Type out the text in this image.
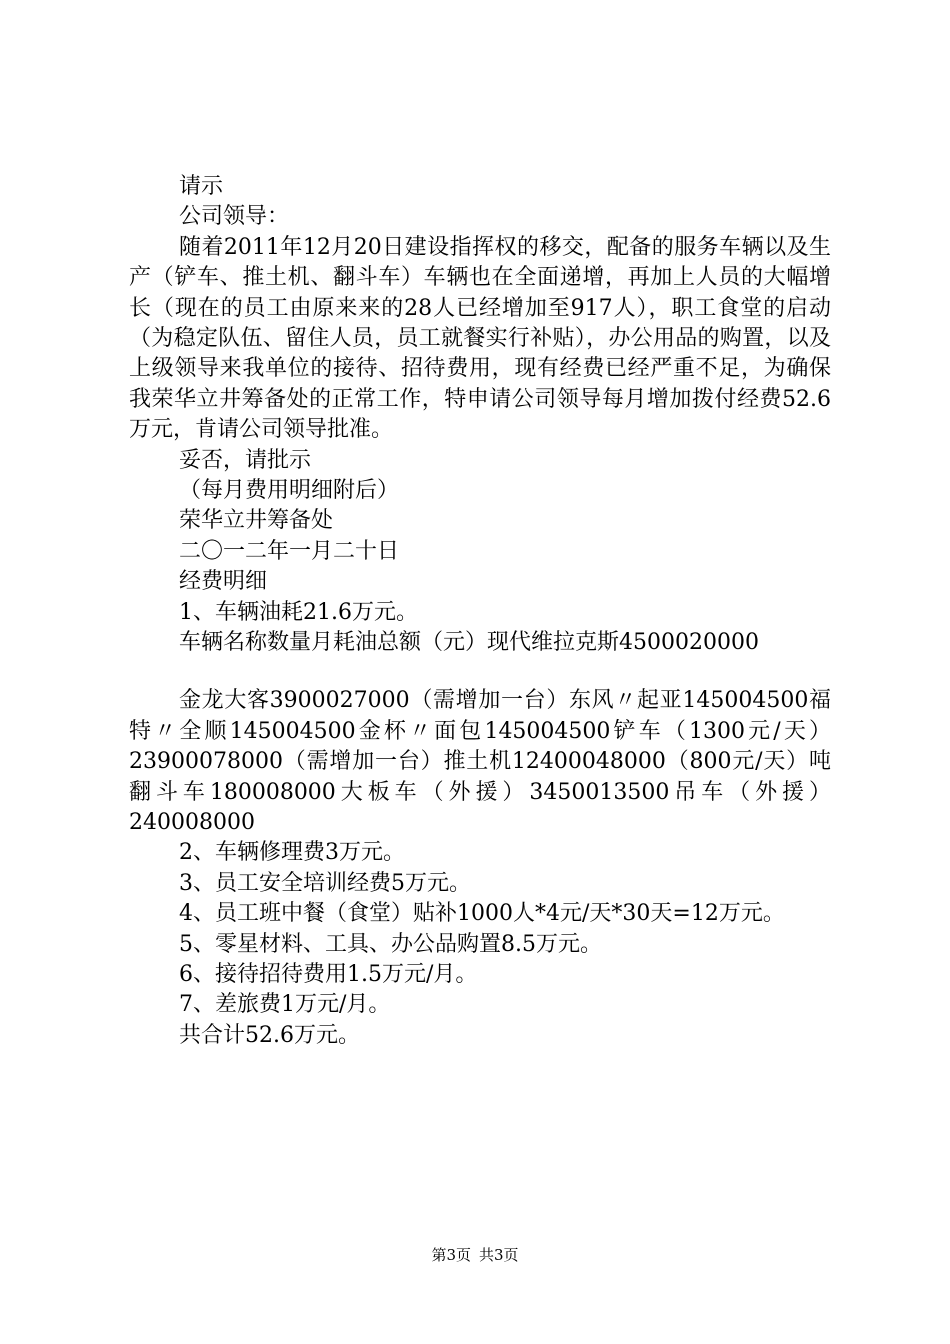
请示
公司领导：

随着2011年12月20日建设指挥权的移交，配备的服务车辆以及生产（铲车、推土机、翻斗车）车辆也在全面递增，再加上人员的大幅增长（现在的员工由原来来的28人已经增加至917人），职工食堂的启动（为稳定队伍、留住人员，员工就餐实行补贴），办公用品的购置，以及上级领导来我单位的接待、招待费用，现有经费已经严重不足，为确保我荣华立井筹备处的正常工作，特申请公司领导每月增加拨付经费52.6万元，肯请公司领导批准。

妥否，请批示
（每月费用明细附后）
荣华立井筹备处
二〇一二年一月二十日
经费明细
1、车辆油耗21.6万元。
车辆名称数量月耗油总额（元）现代维拉克斯4500020000

金龙大客3900027000（需增加一台）东风〃起亚145004500福特〃全顺145004500金杯〃面包145004500铲车（1300元/天）23900078000（需增加一台）推土机12400048000（800元/天）吨翻斗车180008000大板车（外援）3450013500吊车（外援）240008000

2、车辆修理费3万元。
3、员工安全培训经费5万元。

4、员工班中餐（食堂）贴补1000人*4元/天*30天=12万元。

5、零星材料、工具、办公品购置8.5万元。
6、接待招待费用1.5万元/月。
7、差旅费1万元/月。
共合计52.6万元。
第3页 共3页
